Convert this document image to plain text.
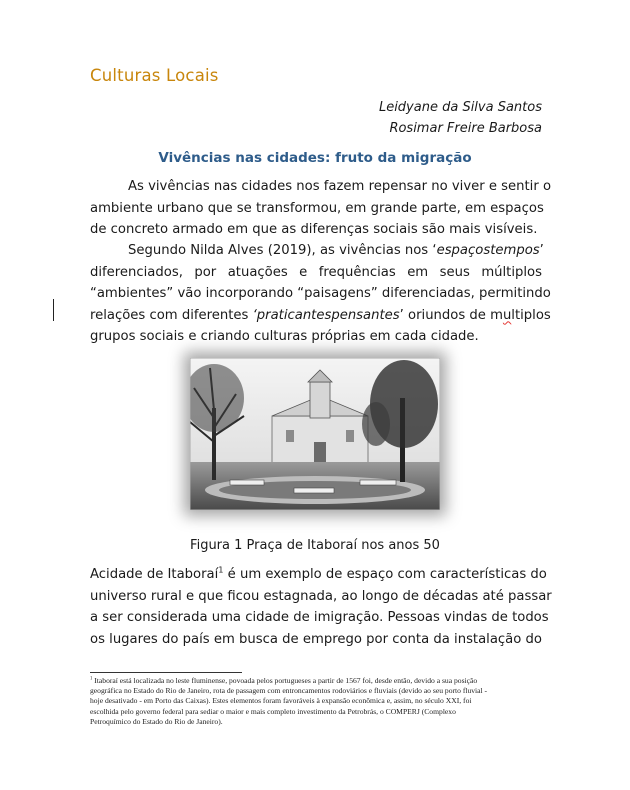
Culturas Locais
Leidyane da Silva Santos
Rosimar Freire Barbosa
Vivências nas cidades: fruto da migração

As vivências nas cidades nos fazem repensar no viver e sentir o
ambiente urbano que se transformou, em grande parte, em espaços
de concreto armado em que as diferenças sociais são mais visíveis.

Segundo Nilda Alves (2019), as vivências nos ‘espaçostempos’
diferenciados, por atuações e frequências em seus múltiplos
“ambientes” vão incorporando “paisagens” diferenciadas, permitindo
relações com diferentes ‘praticantespensantes’ oriundos de multiplos
grupos sociais e criando culturas próprias em cada cidade.

Figura 1 Praça de Itaboraí nos anos 50

Acidade de Itaboraí$^1$ é um exemplo de espaço com características do
universo rural e que ficou estagnada, ao longo de décadas até passar
a ser considerada uma cidade de imigração. Pessoas vindas de todos
os lugares do país em busca de emprego por conta da instalação do

$^1$ Itaboraí está localizada no leste fluminense, povoada pelos portugueses a partir de 1567 foi, desde então, devido a sua posição
geográfica no Estado do Rio de Janeiro, rota de passagem com entroncamentos rodoviários e fluviais (devido ao seu porto fluvial -
hoje desativado - em Porto das Caixas). Estes elementos foram favoráveis à expansão econômica e, assim, no século XXI, foi
escolhida pelo governo federal para sediar o maior e mais completo investimento da Petrobrás, o COMPERJ (Complexo
Petroquímico do Estado do Rio de Janeiro).
